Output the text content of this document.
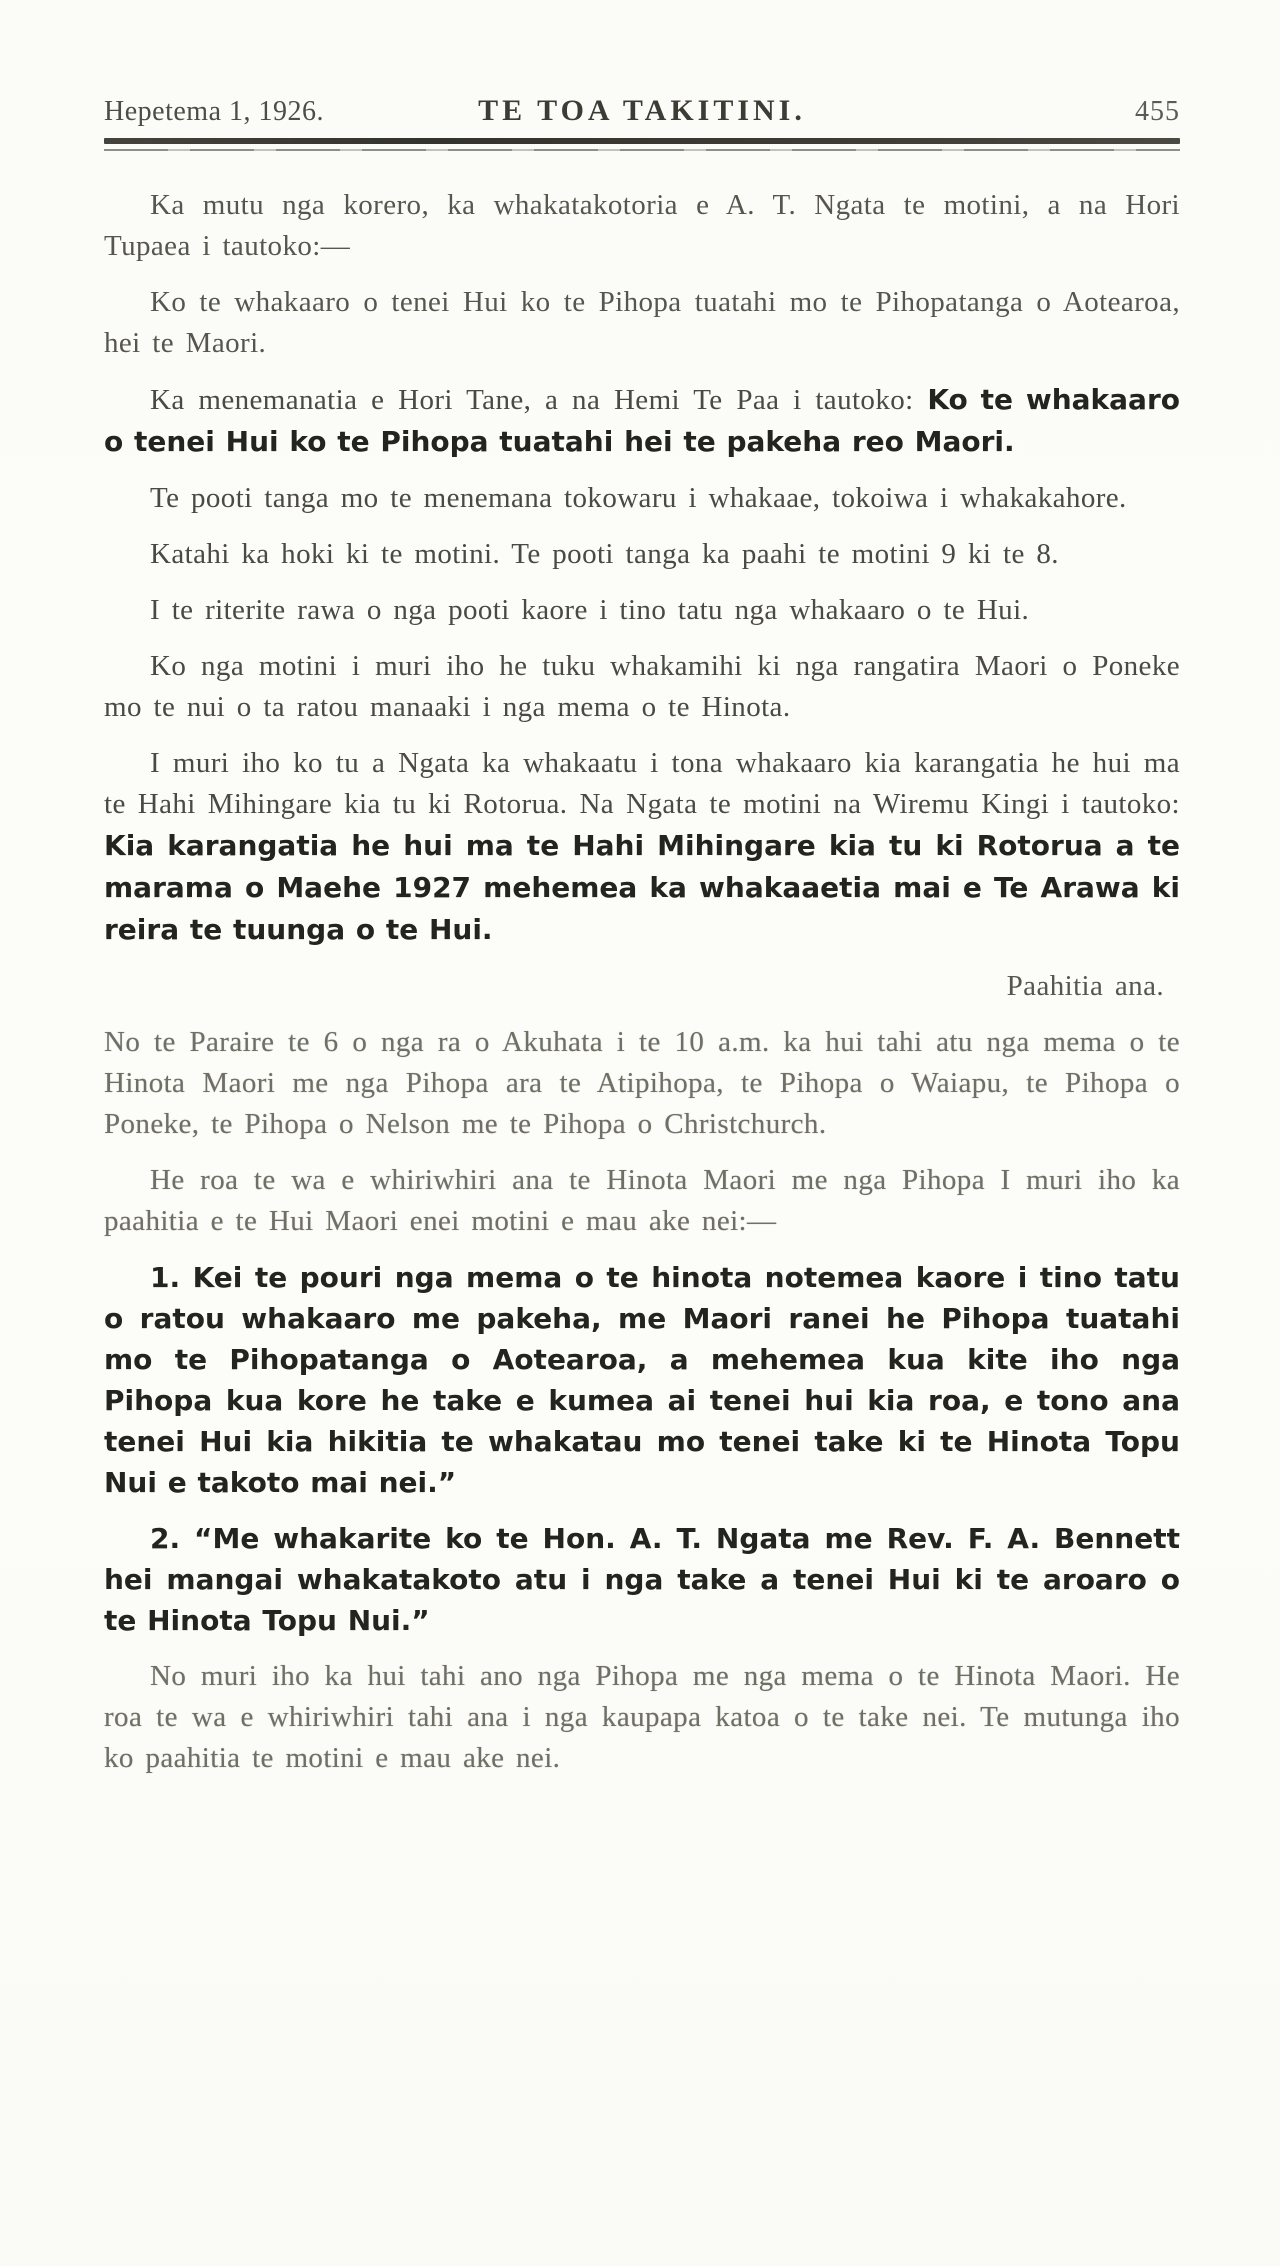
Hepetema 1, 1926.	TE TOA TAKITINI.	455

Ka mutu nga korero, ka whakatakotoria e A. T. Ngata te motini, a na Hori Tupaea i tautoko:—

Ko te whakaaro o tenei Hui ko te Pihopa tuatahi mo te Pihopatanga o Aotearoa, hei te Maori.

Ka menemanatia e Hori Tane, a na Hemi Te Paa i tautoko: Ko te whakaaro o tenei Hui ko te Pihopa tuatahi hei te pakeha reo Maori.

Te pooti tanga mo te menemana tokowaru i whakaae, tokoiwa i whakakahore.

Katahi ka hoki ki te motini. Te pooti tanga ka paahi te motini 9 ki te 8.

I te riterite rawa o nga pooti kaore i tino tatu nga whakaaro o te Hui.

Ko nga motini i muri iho he tuku whakamihi ki nga rangatira Maori o Poneke mo te nui o ta ratou manaaki i nga mema o te Hinota.

I muri iho ko tu a Ngata ka whakaatu i tona whakaaro kia karangatia he hui ma te Hahi Mihingare kia tu ki Rotorua. Na Ngata te motini na Wiremu Kingi i tautoko: Kia karangatia he hui ma te Hahi Mihingare kia tu ki Rotorua a te marama o Maehe 1927 mehemea ka whakaaetia mai e Te Arawa ki reira te tuunga o te Hui.

Paahitia ana.

No te Paraire te 6 o nga ra o Akuhata i te 10 a.m. ka hui tahi atu nga mema o te Hinota Maori me nga Pihopa ara te Atipihopa, te Pihopa o Waiapu, te Pihopa o Poneke, te Pihopa o Nelson me te Pihopa o Christchurch.

He roa te wa e whiriwhiri ana te Hinota Maori me nga Pihopa I muri iho ka paahitia e te Hui Maori enei motini e mau ake nei:—

1. Kei te pouri nga mema o te hinota notemea kaore i tino tatu o ratou whakaaro me pakeha, me Maori ranei he Pihopa tuatahi mo te Pihopatanga o Aotearoa, a mehemea kua kite iho nga Pihopa kua kore he take e kumea ai tenei hui kia roa, e tono ana tenei Hui kia hikitia te whakatau mo tenei take ki te Hinota Topu Nui e takoto mai nei.”

2. “Me whakarite ko te Hon. A. T. Ngata me Rev. F. A. Bennett hei mangai whakatakoto atu i nga take a tenei Hui ki te aroaro o te Hinota Topu Nui.”

No muri iho ka hui tahi ano nga Pihopa me nga mema o te Hinota Maori. He roa te wa e whiriwhiri tahi ana i nga kaupapa katoa o te take nei. Te mutunga iho ko paahitia te motini e mau ake nei.
